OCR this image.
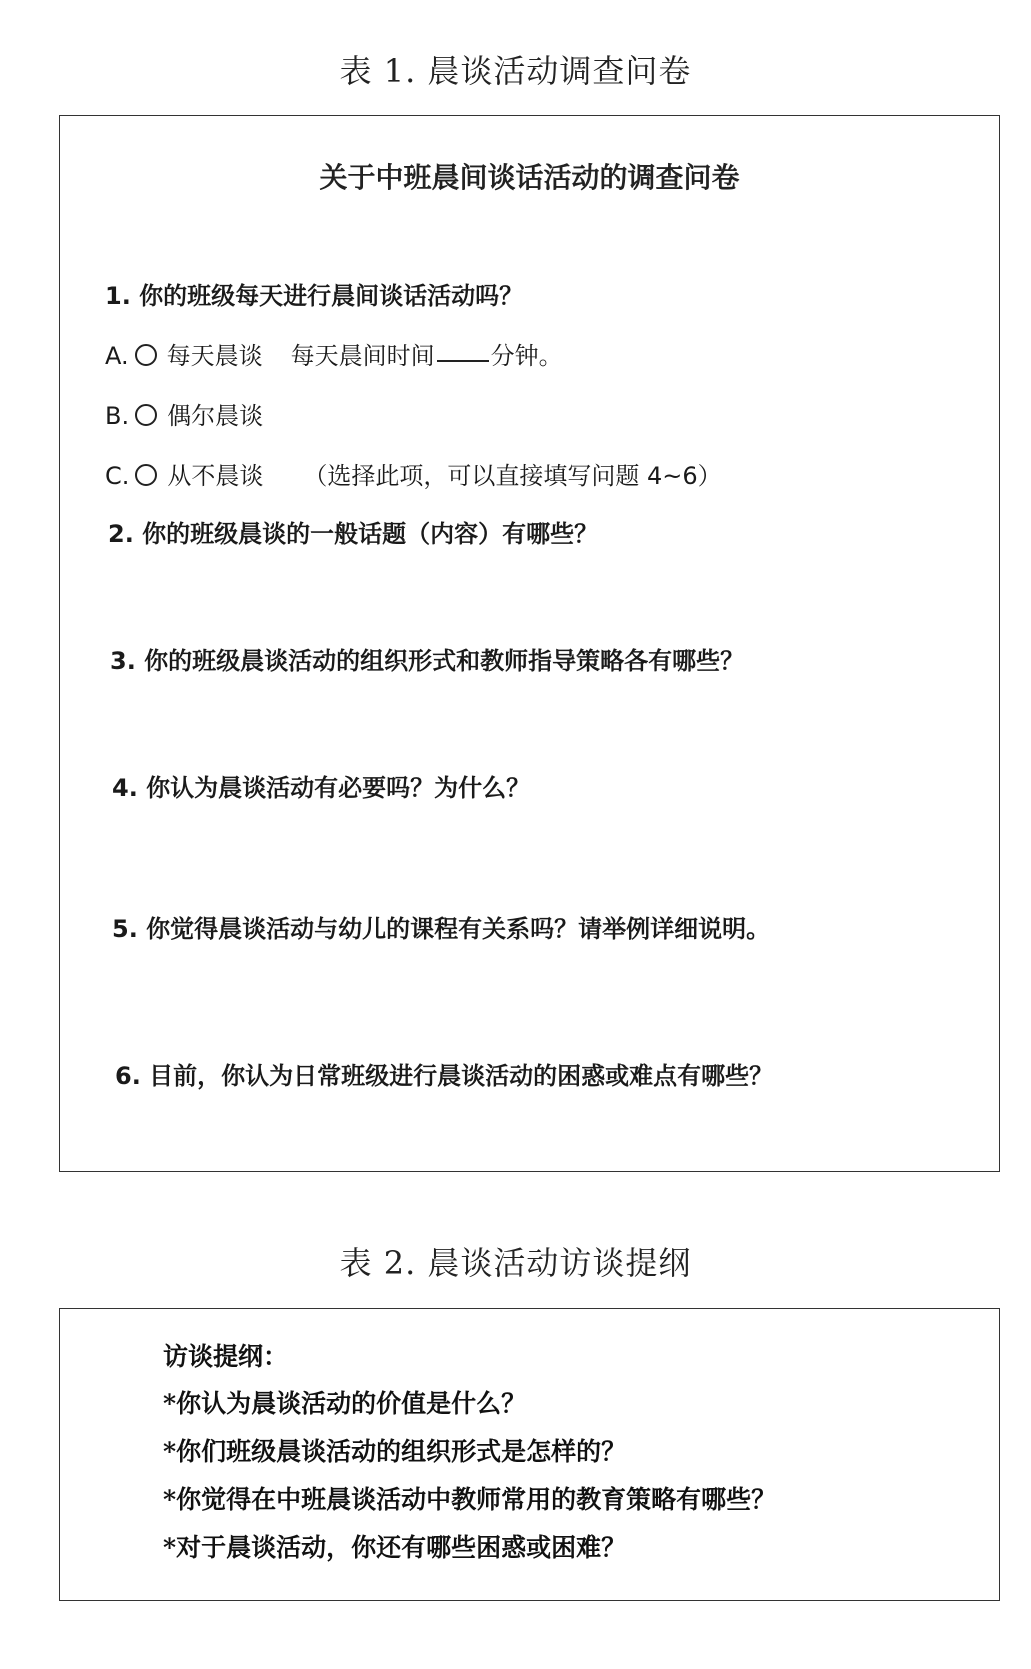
表 1. 晨谈活动调查问卷
关于中班晨间谈话活动的调查问卷
1. 你的班级每天进行晨间谈话活动吗？
A. 每天晨谈 每天晨间时间 分钟。
B. 偶尔晨谈
C. 从不晨谈 （选择此项，可以直接填写问题 4~6）
2. 你的班级晨谈的一般话题（内容）有哪些？
3. 你的班级晨谈活动的组织形式和教师指导策略各有哪些？
4. 你认为晨谈活动有必要吗？为什么？
5. 你觉得晨谈活动与幼儿的课程有关系吗？请举例详细说明。
6. 目前，你认为日常班级进行晨谈活动的困惑或难点有哪些？
表 2. 晨谈活动访谈提纲
访谈提纲：
*你认为晨谈活动的价值是什么？
*你们班级晨谈活动的组织形式是怎样的？
*你觉得在中班晨谈活动中教师常用的教育策略有哪些？
*对于晨谈活动，你还有哪些困惑或困难？
